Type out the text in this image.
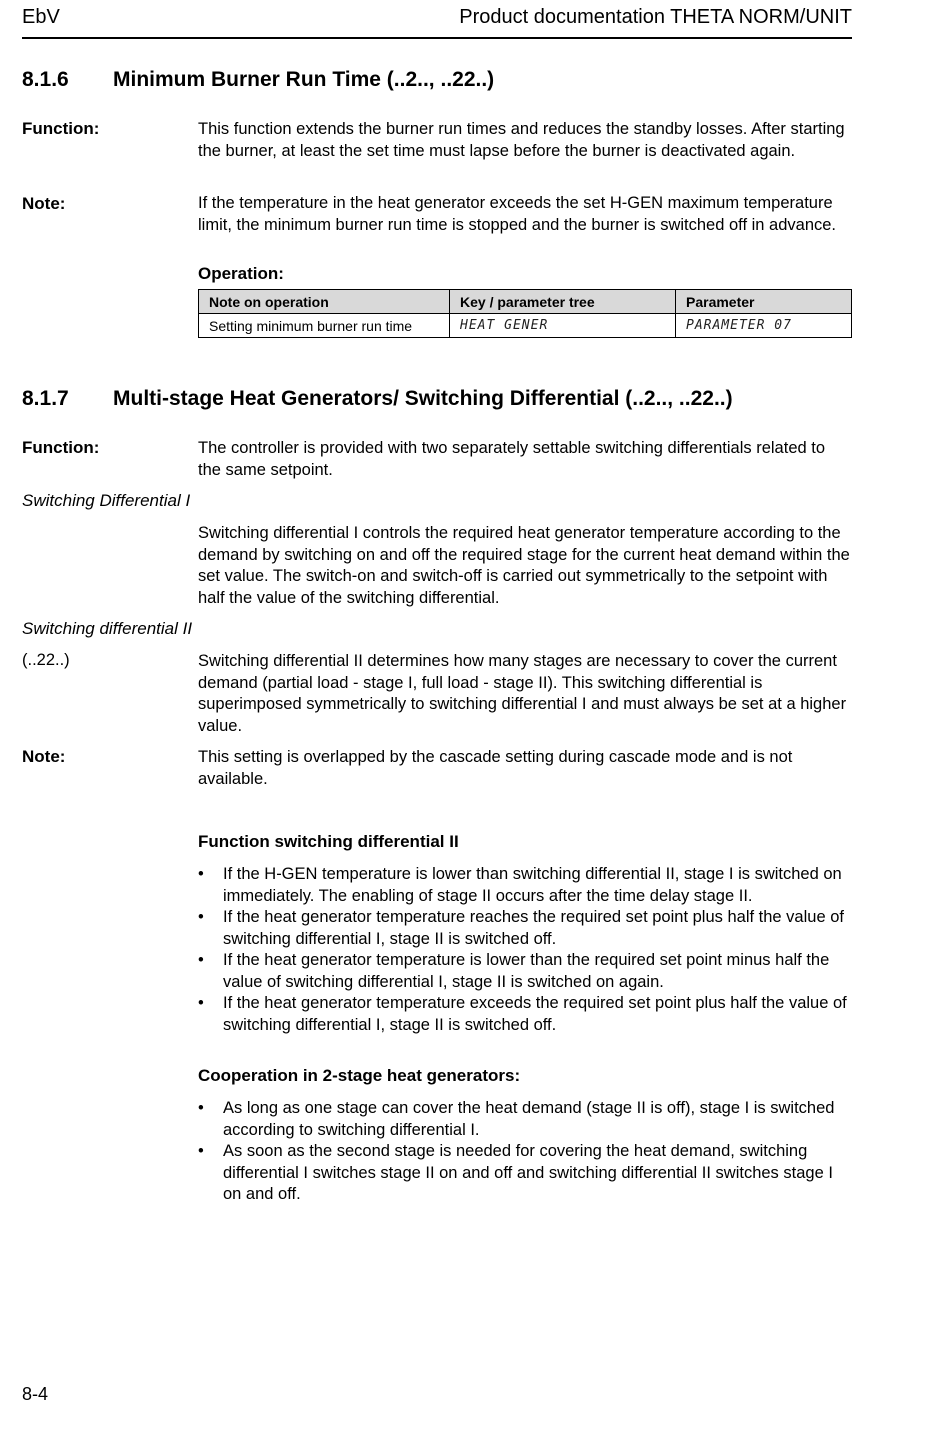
EbV	Product documentation THETA NORM/UNIT
8.1.6 Minimum Burner Run Time (..2.., ..22..)
Function:	This function extends the burner run times and reduces the standby losses. After starting the burner, at least the set time must lapse before the burner is deactivated again.
Note:	If the temperature in the heat generator exceeds the set H-GEN maximum temperature limit, the minimum burner run time is stopped and the burner is switched off in advance.
Operation:
Note on operation	Key / parameter tree	Parameter
Setting minimum burner run time	HEAT GENER	PARAMETER 07
8.1.7 Multi-stage Heat Generators/ Switching Differential (..2.., ..22..)
Function:	The controller is provided with two separately settable switching differentials related to the same setpoint.
Switching Differential I
Switching differential I controls the required heat generator temperature according to the demand by switching on and off the required stage for the current heat demand within the set value. The switch-on and switch-off is carried out symmetrically to the setpoint with half the value of the switching differential.
Switching differential II
(..22..)	Switching differential II determines how many stages are necessary to cover the current demand (partial load - stage I, full load - stage II). This switching differential is superimposed symmetrically to switching differential I and must always be set at a higher value.
Note:	This setting is overlapped by the cascade setting during cascade mode and is not available.
Function switching differential II
• If the H-GEN temperature is lower than switching differential II, stage I is switched on immediately. The enabling of stage II occurs after the time delay stage II.
• If the heat generator temperature reaches the required set point plus half the value of switching differential I, stage II is switched off.
• If the heat generator temperature is lower than the required set point minus half the value of switching differential I, stage II is switched on again.
• If the heat generator temperature exceeds the required set point plus half the value of switching differential I, stage II is switched off.
Cooperation in 2-stage heat generators:
• As long as one stage can cover the heat demand (stage II is off), stage I is switched according to switching differential I.
• As soon as the second stage is needed for covering the heat demand, switching differential I switches stage II on and off and switching differential II switches stage I on and off.
8-4
